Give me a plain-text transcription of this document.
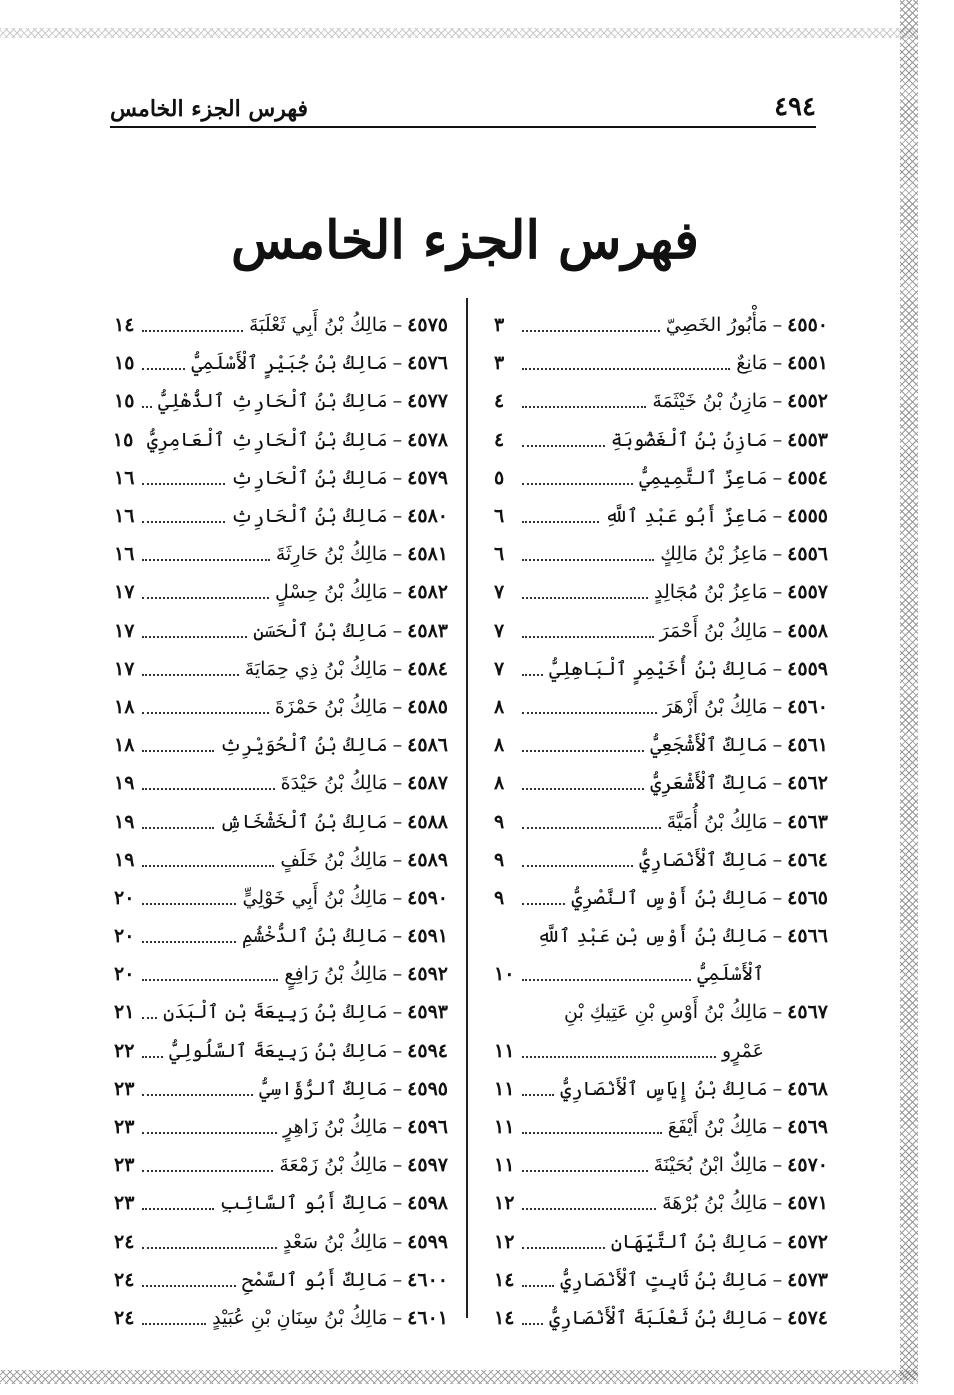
٤٩٤
فهرس الجزء الخامس
فهرس الجزء الخامس
٤٥٥٠
–
مَأْبُورُ الخَصِيّ
٣
٤٥٥١
–
مَانِعٌ
٣
٤٥٥٢
–
مَازِنُ بْنُ خَيْثَمَةَ
٤
٤٥٥٣
–
مَازِنُ بْنُ ٱلْغَضُوبَةِ
٤
٤٥٥٤
–
مَاعِزٌ ٱلتَّمِيمِيُّ
٥
٤٥٥٥
–
مَاعِزٌ أَبُو عَبْدِ ٱللَّهِ
٦
٤٥٥٦
–
مَاعِزُ بْنُ مَالِكٍ
٦
٤٥٥٧
–
مَاعِزُ بْنُ مُجَالِدٍ
٧
٤٥٥٨
–
مَالِكُ بْنُ أَحْمَرَ
٧
٤٥٥٩
–
مَالِكُ بْنُ أُخَيْمِرٍ ٱلْبَاهِلِيُّ
٧
٤٥٦٠
–
مَالِكُ بْنُ أَزْهَرَ
٨
٤٥٦١
–
مَالِكٌ ٱلْأَشْجَعِيُّ
٨
٤٥٦٢
–
مَالِكٌ ٱلْأَشْعَرِيُّ
٨
٤٥٦٣
–
مَالِكُ بْنُ أُمَيَّةَ
٩
٤٥٦٤
–
مَالِكٌ ٱلْأَنْصَارِيُّ
٩
٤٥٦٥
–
مَالِكُ بْنُ أَوْسٍ ٱلنَّصْرِيُّ
٩
٤٥٦٦
–
مَالِكُ بْنُ أَوْسِ بْنِ عَبْدِ ٱللَّهِ
ٱلْأَسْلَمِيُّ
١٠
٤٥٦٧
–
مَالِكُ بْنُ أَوْسِ بْنِ عَتِيكِ بْنِ
عَمْرٍو
١١
٤٥٦٨
–
مَالِكُ بْنُ إِيَاسٍ ٱلْأَنْصَارِيُّ
١١
٤٥٦٩
–
مَالِكُ بْنُ أَيْفَعَ
١١
٤٥٧٠
–
مَالِكٌ ابْنُ بُحَيْنَةَ
١١
٤٥٧١
–
مَالِكُ بْنُ بُرْهَةَ
١٢
٤٥٧٢
–
مَالِكُ بْنُ ٱلتَّيِّهَانِ
١٢
٤٥٧٣
–
مَالِكُ بْنُ ثَابِتٍ ٱلْأَنْصَارِيُّ
١٤
٤٥٧٤
–
مَالِكُ بْنُ ثَعْلَبَةَ ٱلْأَنْصَارِيُّ
١٤
٤٥٧٥
–
مَالِكُ بْنُ أَبِي ثَعْلَبَةَ
١٤
٤٥٧٦
–
مَالِكُ بْنُ جُبَيْرٍ ٱلْأَسْلَمِيُّ
١٥
٤٥٧٧
–
مَالِكُ بْنُ ٱلْحَارِثِ ٱلذُّهْلِيُّ
١٥
٤٥٧٨
–
مَالِكُ بْنُ ٱلْحَارِثِ ٱلْعَامِرِيُّ
١٥
٤٥٧٩
–
مَالِكُ بْنُ ٱلْحَارِثِ
١٦
٤٥٨٠
–
مَالِكُ بْنُ ٱلْحَارِثِ
١٦
٤٥٨١
–
مَالِكُ بْنُ حَارِثَةَ
١٦
٤٥٨٢
–
مَالِكُ بْنُ حِسْلٍ
١٧
٤٥٨٣
–
مَالِكُ بْنُ ٱلْحَسَنِ
١٧
٤٥٨٤
–
مَالِكُ بْنُ ذِي حِمَايَةَ
١٧
٤٥٨٥
–
مَالِكُ بْنُ حَمْزَةَ
١٨
٤٥٨٦
–
مَالِكُ بْنُ ٱلْحُوَيْرِثِ
١٨
٤٥٨٧
–
مَالِكُ بْنُ حَيْدَةَ
١٩
٤٥٨٨
–
مَالِكُ بْنُ ٱلْخَشْخَاشِ
١٩
٤٥٨٩
–
مَالِكُ بْنُ خَلَفٍ
١٩
٤٥٩٠
–
مَالِكُ بْنُ أَبِي خَوْلِيٍّ
٢٠
٤٥٩١
–
مَالِكُ بْنُ ٱلدُّخْشُمِ
٢٠
٤٥٩٢
–
مَالِكُ بْنُ رَافِعٍ
٢٠
٤٥٩٣
–
مَالِكُ بْنُ رَبِيعَةَ بْنِ ٱلْبَدَنِ
٢١
٤٥٩٤
–
مَالِكُ بْنُ رَبِيعَةَ ٱلسَّلُولِيُّ
٢٢
٤٥٩٥
–
مَالِكٌ ٱلرُّؤَاسِيُّ
٢٣
٤٥٩٦
–
مَالِكُ بْنُ زَاهِرٍ
٢٣
٤٥٩٧
–
مَالِكُ بْنُ زَمْعَةَ
٢٣
٤٥٩٨
–
مَالِكٌ أَبُو ٱلسَّائِبِ
٢٣
٤٥٩٩
–
مَالِكُ بْنُ سَعْدٍ
٢٤
٤٦٠٠
–
مَالِكٌ أَبُو ٱلسَّمْحِ
٢٤
٤٦٠١
–
مَالِكُ بْنُ سِنَانِ بْنِ عُبَيْدٍ
٢٤
